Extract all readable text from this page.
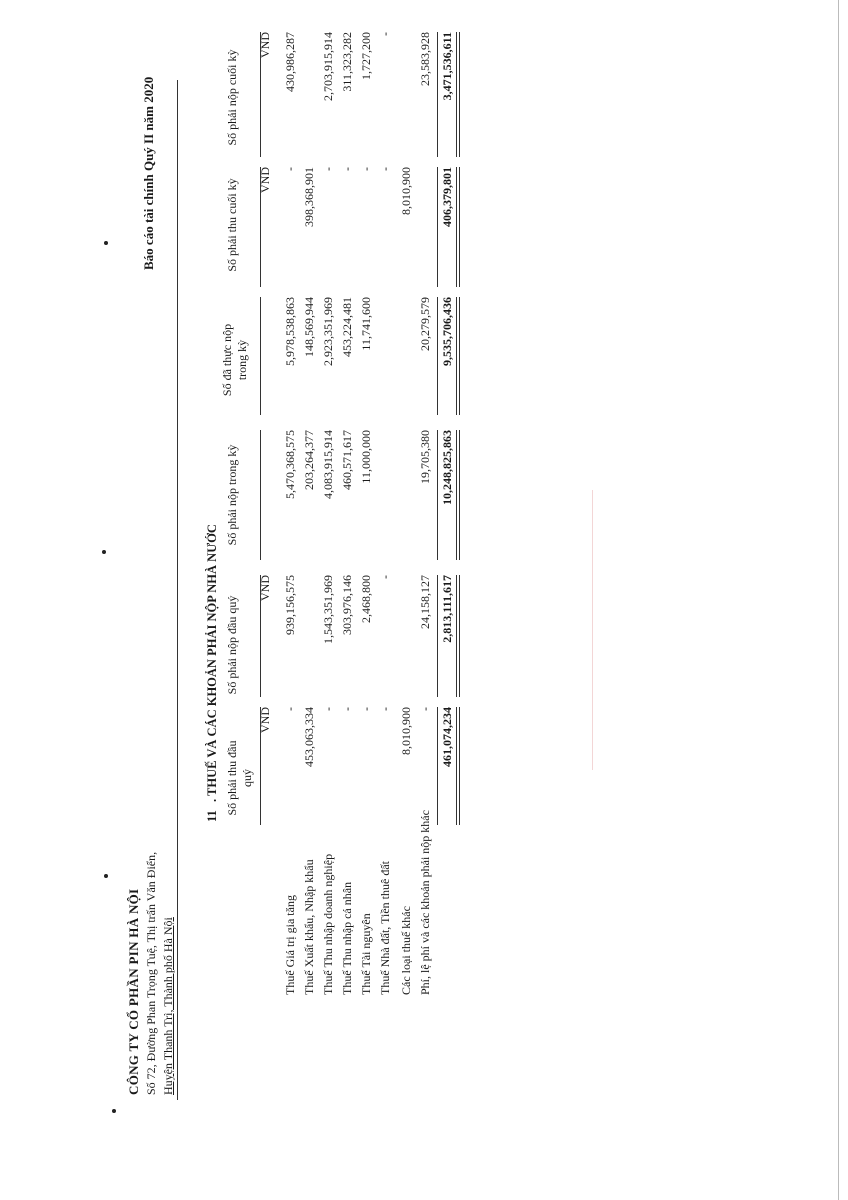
CÔNG TY CỔ PHẦN PIN HÀ NỘI Số 72, Đường Phan Trọng Tuệ, Thị trấn Văn Điển, Huyện Thanh Trì, Thành phố Hà Nội
Báo cáo tài chính Quý II năm 2020
11
. THUẾ VÀ CÁC KHOẢN PHẢI NỘP NHÀ NƯỚC Số phải thu đầu quý
Số phải nộp đầu quý
Số phải nộp trong kỳ
Số đã thực nộp trong kỳ
Số phải thu cuối kỳ
Số phải nộp cuối kỳ
VND
VND
VND
VND
Thuế Giá trị gia tăng Thuế Xuất khẩu, Nhập khẩu Thuế Thu nhập doanh nghiệp Thuế Thu nhập cá nhân Thuế Tài nguyên Thuế Nhà đất, Tiền thuê đất Các loại thuế khác Phí, lệ phí và các khoản phải nộp khác
-
939,156,575
5,470,368,575
5,978,538,863
-
430,986,287
453,063,334
203,264,377
148,569,944
398,368,901
-
1,543,351,969
4,083,915,914
2,923,351,969
-
2,703,915,914
-
303,976,146
460,571,617
453,224,481
-
311,323,282
-
2,468,800
11,000,000
11,741,600
-
1,727,200
-
-
-
-
8,010,900
8,010,900
-
24,158,127
19,705,380
20,279,579
23,583,928
461,074,234
2,813,111,617
10,248,825,863
9,535,706,436
406,379,801
3,471,536,611
